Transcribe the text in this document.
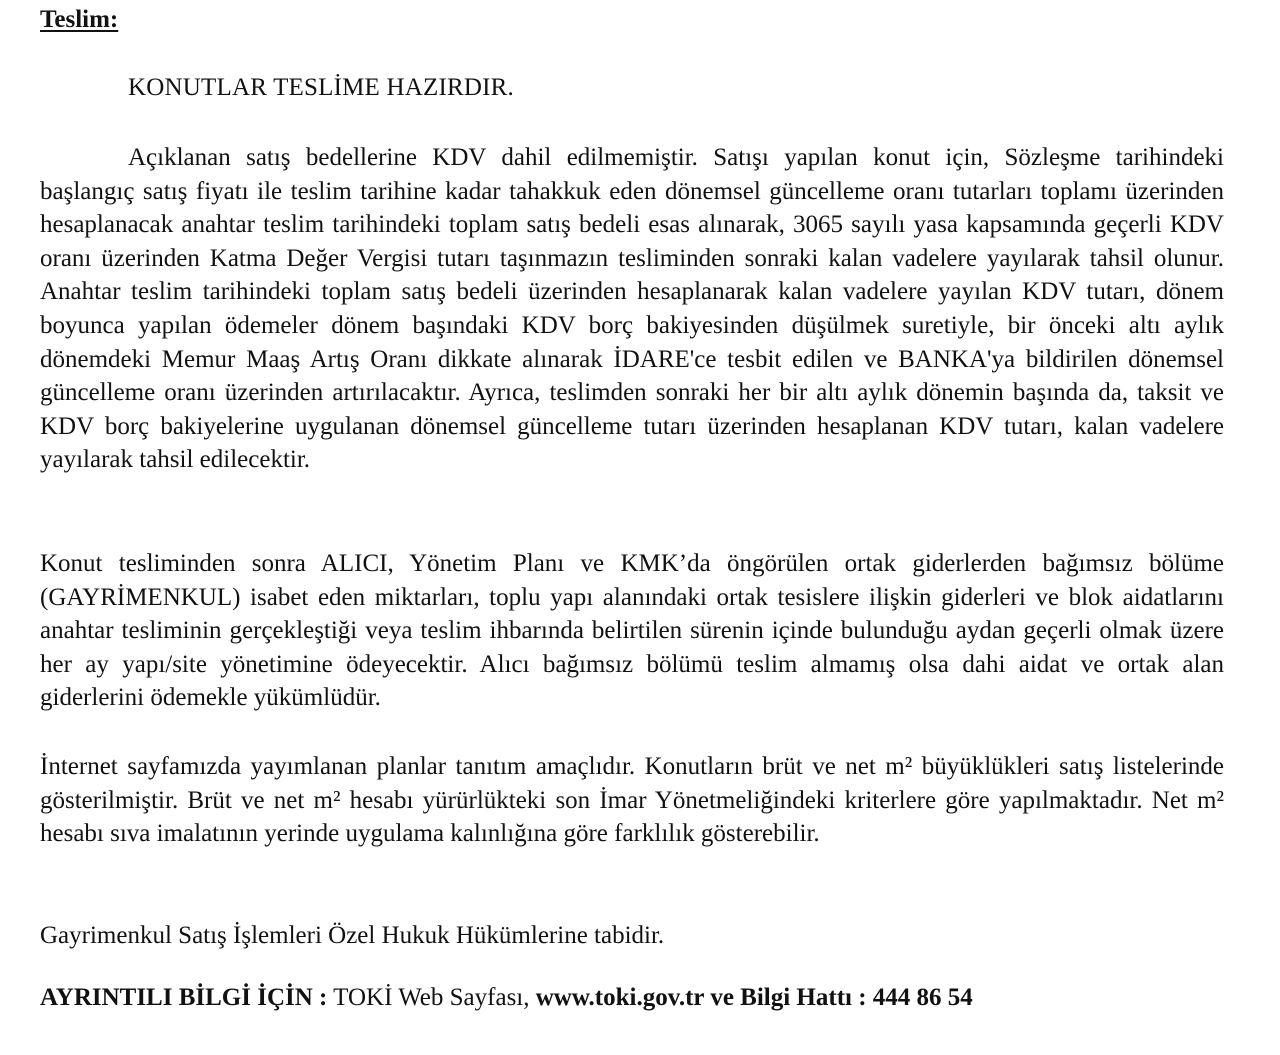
Teslim:

KONUTLAR TESLİME HAZIRDIR.

Açıklanan satış bedellerine KDV dahil edilmemiştir. Satışı yapılan konut için, Sözleşme tarihindeki başlangıç satış fiyatı ile teslim tarihine kadar tahakkuk eden dönemsel güncelleme oranı tutarları toplamı üzerinden hesaplanacak anahtar teslim tarihindeki toplam satış bedeli esas alınarak, 3065 sayılı yasa kapsamında geçerli KDV oranı üzerinden Katma Değer Vergisi tutarı taşınmazın tesliminden sonraki kalan vadelere yayılarak tahsil olunur. Anahtar teslim tarihindeki toplam satış bedeli üzerinden hesaplanarak kalan vadelere yayılan KDV tutarı, dönem boyunca yapılan ödemeler dönem başındaki KDV borç bakiyesinden düşülmek suretiyle, bir önceki altı aylık dönemdeki Memur Maaş Artış Oranı dikkate alınarak İDARE'ce tesbit edilen ve BANKA'ya bildirilen dönemsel güncelleme oranı üzerinden artırılacaktır. Ayrıca, teslimden sonraki her bir altı aylık dönemin başında da, taksit ve KDV borç bakiyelerine uygulanan dönemsel güncelleme tutarı üzerinden hesaplanan KDV tutarı, kalan vadelere yayılarak tahsil edilecektir.

Konut tesliminden sonra ALICI, Yönetim Planı ve KMK’da öngörülen ortak giderlerden bağımsız bölüme (GAYRİMENKUL) isabet eden miktarları, toplu yapı alanındaki ortak tesislere ilişkin giderleri ve blok aidatlarını anahtar tesliminin gerçekleştiği veya teslim ihbarında belirtilen sürenin içinde bulunduğu aydan geçerli olmak üzere her ay yapı/site yönetimine ödeyecektir. Alıcı bağımsız bölümü teslim almamış olsa dahi aidat ve ortak alan giderlerini ödemekle yükümlüdür.

İnternet sayfamızda yayımlanan planlar tanıtım amaçlıdır. Konutların brüt ve net m² büyüklükleri satış listelerinde gösterilmiştir. Brüt ve net m² hesabı yürürlükteki son İmar Yönetmeliğindeki kriterlere göre yapılmaktadır. Net m² hesabı sıva imalatının yerinde uygulama kalınlığına göre farklılık gösterebilir.

Gayrimenkul Satış İşlemleri Özel Hukuk Hükümlerine tabidir.

AYRINTILI BİLGİ İÇİN : TOKİ Web Sayfası, www.toki.gov.tr ve Bilgi Hattı : 444 86 54
